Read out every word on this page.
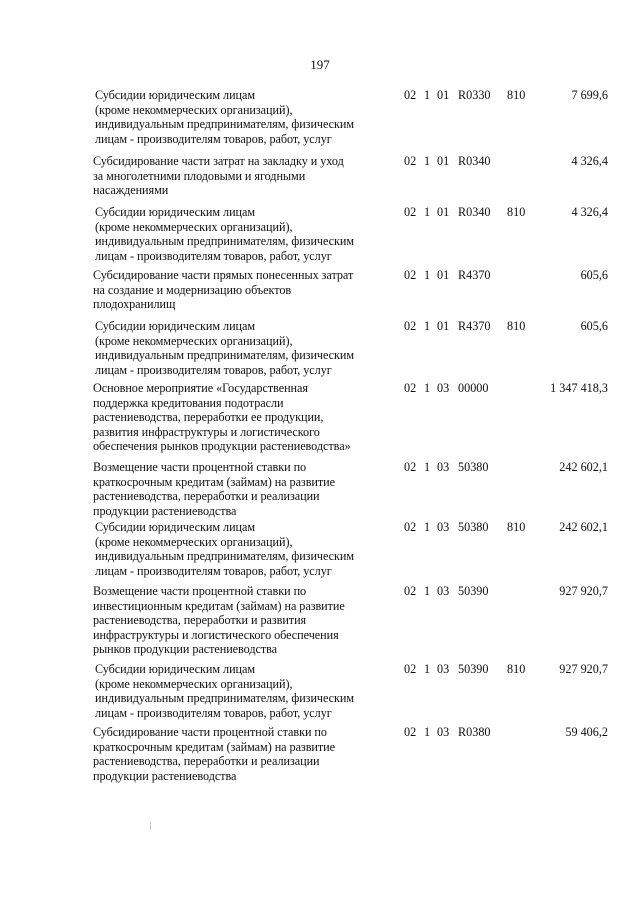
197
Субсидии юридическим лицам
(кроме некоммерческих организаций),
индивидуальным предпринимателям, физическим
лицам - производителям товаров, работ, услуг
02 1 01 R0330 810	7 699,6
Субсидирование части затрат на закладку и уход
за многолетними плодовыми и ягодными
насаждениями
02 1 01 R0340	4 326,4
Субсидии юридическим лицам
(кроме некоммерческих организаций),
индивидуальным предпринимателям, физическим
лицам - производителям товаров, работ, услуг
02 1 01 R0340 810	4 326,4
Субсидирование части прямых понесенных затрат
на создание и модернизацию объектов
плодохранилищ
02 1 01 R4370	605,6
Субсидии юридическим лицам
(кроме некоммерческих организаций),
индивидуальным предпринимателям, физическим
лицам - производителям товаров, работ, услуг
02 1 01 R4370 810	605,6
Основное мероприятие «Государственная
поддержка кредитования подотрасли
растениеводства, переработки ее продукции,
развития инфраструктуры и логистического
обеспечения рынков продукции растениеводства»
02 1 03 00000	1 347 418,3
Возмещение части процентной ставки по
краткосрочным кредитам (займам) на развитие
растениеводства, переработки и реализации
продукции растениеводства
02 1 03 50380	242 602,1
Субсидии юридическим лицам
(кроме некоммерческих организаций),
индивидуальным предпринимателям, физическим
лицам - производителям товаров, работ, услуг
02 1 03 50380 810	242 602,1
Возмещение части процентной ставки по
инвестиционным кредитам (займам) на развитие
растениеводства, переработки и развития
инфраструктуры и логистического обеспечения
рынков продукции растениеводства
02 1 03 50390	927 920,7
Субсидии юридическим лицам
(кроме некоммерческих организаций),
индивидуальным предпринимателям, физическим
лицам - производителям товаров, работ, услуг
02 1 03 50390 810	927 920,7
Субсидирование части процентной ставки по
краткосрочным кредитам (займам) на развитие
растениеводства, переработки и реализации
продукции растениеводства
02 1 03 R0380	59 406,2
